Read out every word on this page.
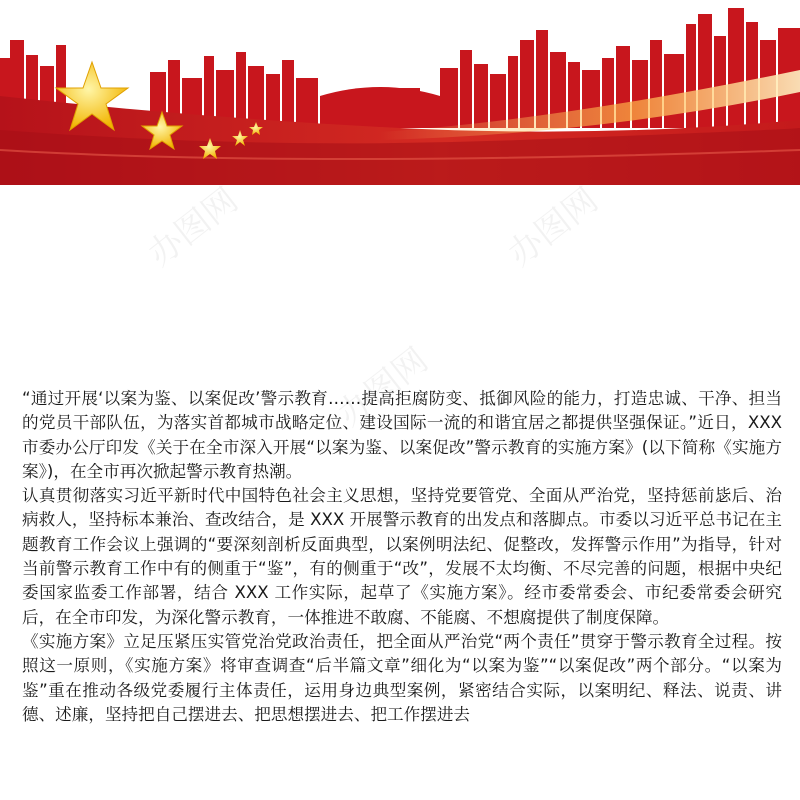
办图网	办图网
办图网

“通过开展‘以案为鉴、以案促改’警示教育……提高拒腐防变、抵御风险的能力，打造忠诚、干净、担当的党员干部队伍，为落实首都城市战略定位、建设国际一流的和谐宜居之都提供坚强保证。”近日，XXX 市委办公厅印发《关于在全市深入开展“以案为鉴、以案促改”警示教育的实施方案》(以下简称《实施方案》)，在全市再次掀起警示教育热潮。

认真贯彻落实习近平新时代中国特色社会主义思想，坚持党要管党、全面从严治党，坚持惩前毖后、治病救人，坚持标本兼治、查改结合，是 XXX 开展警示教育的出发点和落脚点。市委以习近平总书记在主题教育工作会议上强调的“要深刻剖析反面典型，以案例明法纪、促整改，发挥警示作用”为指导，针对当前警示教育工作中有的侧重于“鉴”，有的侧重于“改”，发展不太均衡、不尽完善的问题，根据中央纪委国家监委工作部署，结合 XXX 工作实际，起草了《实施方案》。经市委常委会、市纪委常委会研究后，在全市印发，为深化警示教育，一体推进不敢腐、不能腐、不想腐提供了制度保障。

《实施方案》立足压紧压实管党治党政治责任，把全面从严治党“两个责任”贯穿于警示教育全过程。按照这一原则，《实施方案》将审查调查“后半篇文章”细化为“以案为鉴”“以案促改”两个部分。“以案为鉴”重在推动各级党委履行主体责任，运用身边典型案例，紧密结合实际，以案明纪、释法、说责、讲德、述廉，坚持把自己摆进去、把思想摆进去、把工作摆进去
